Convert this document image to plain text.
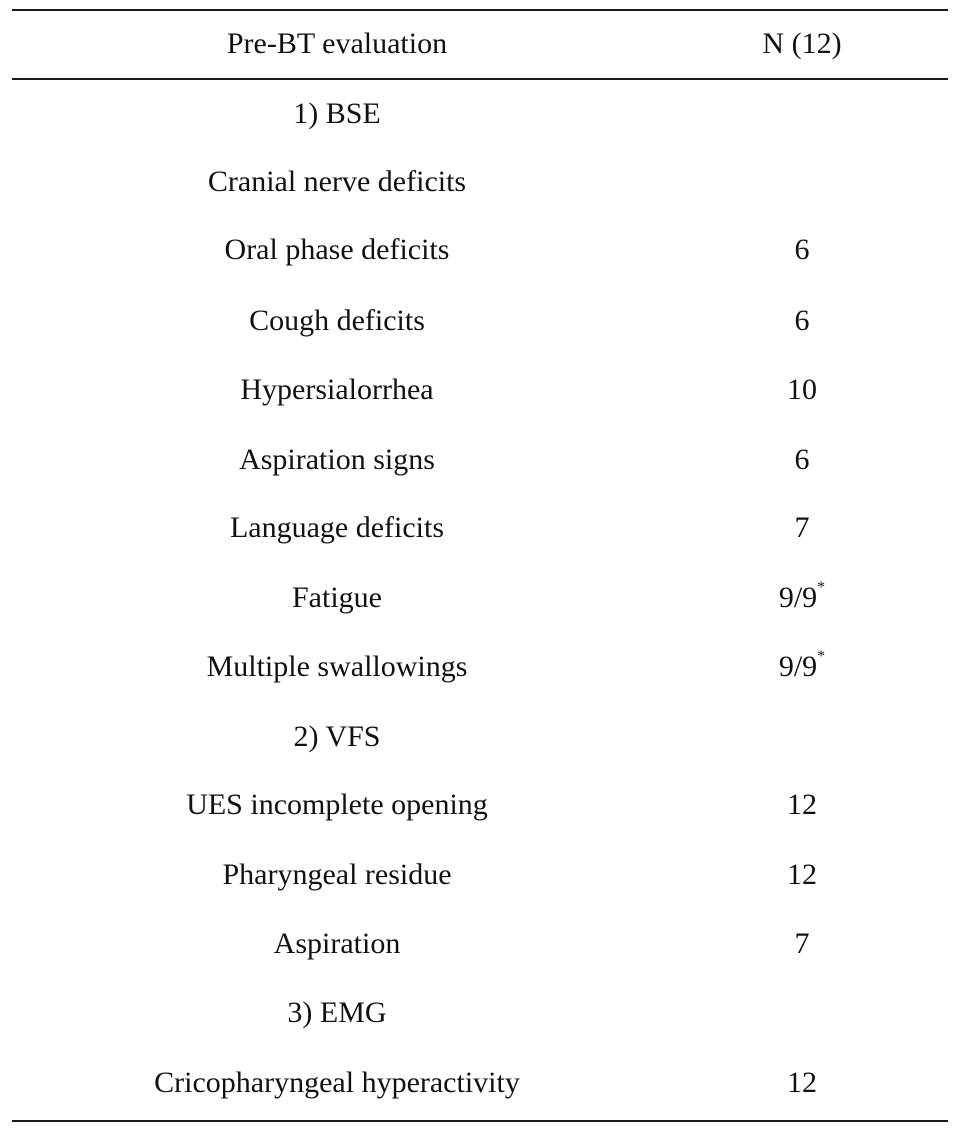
Pre-BT evaluation	N (12)
1) BSE
Cranial nerve deficits
Oral phase deficits	6
Cough deficits	6
Hypersialorrhea	10
Aspiration signs	6
Language deficits	7
Fatigue	9/9*
Multiple swallowings	9/9*
2) VFS
UES incomplete opening	12
Pharyngeal residue	12
Aspiration	7
3) EMG
Cricopharyngeal hyperactivity	12
